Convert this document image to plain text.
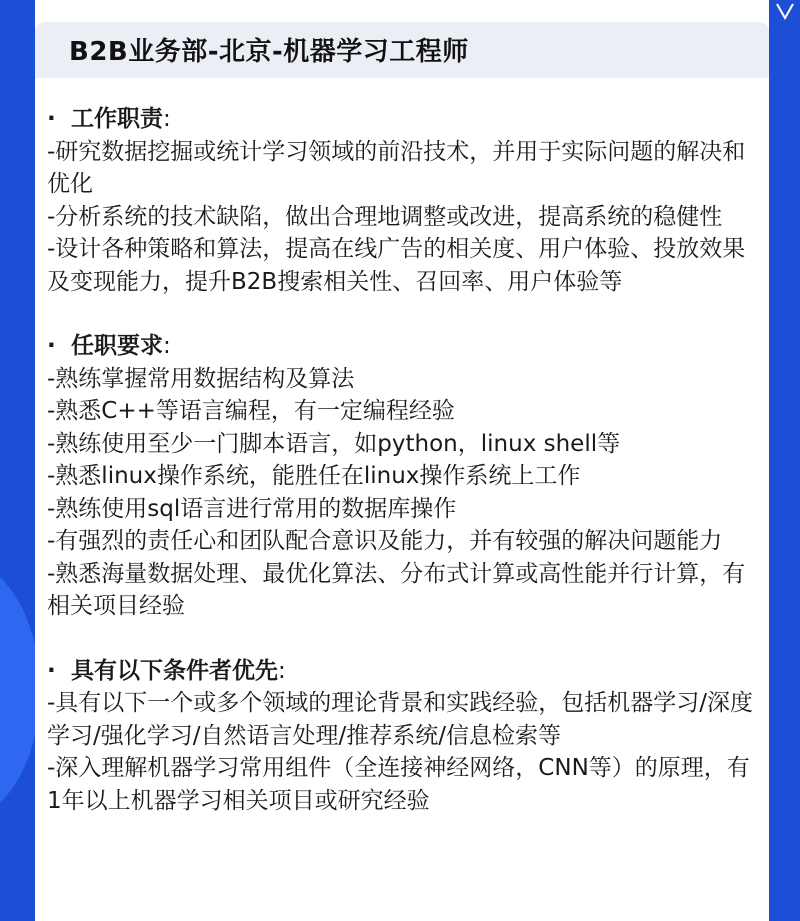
B2B业务部-北京-机器学习工程师
· 工作职责:
-研究数据挖掘或统计学习领域的前沿技术，并用于实际问题的解决和优化
-分析系统的技术缺陷，做出合理地调整或改进，提高系统的稳健性
-设计各种策略和算法，提高在线广告的相关度、用户体验、投放效果及变现能力，提升B2B搜索相关性、召回率、用户体验等
· 任职要求:
-熟练掌握常用数据结构及算法
-熟悉C++等语言编程，有一定编程经验
-熟练使用至少一门脚本语言，如python，linux shell等
-熟悉linux操作系统，能胜任在linux操作系统上工作
-熟练使用sql语言进行常用的数据库操作
-有强烈的责任心和团队配合意识及能力，并有较强的解决问题能力
-熟悉海量数据处理、最优化算法、分布式计算或高性能并行计算，有相关项目经验
· 具有以下条件者优先:
-具有以下一个或多个领域的理论背景和实践经验，包括机器学习/深度学习/强化学习/自然语言处理/推荐系统/信息检索等
-深入理解机器学习常用组件（全连接神经网络，CNN等）的原理，有1年以上机器学习相关项目或研究经验
